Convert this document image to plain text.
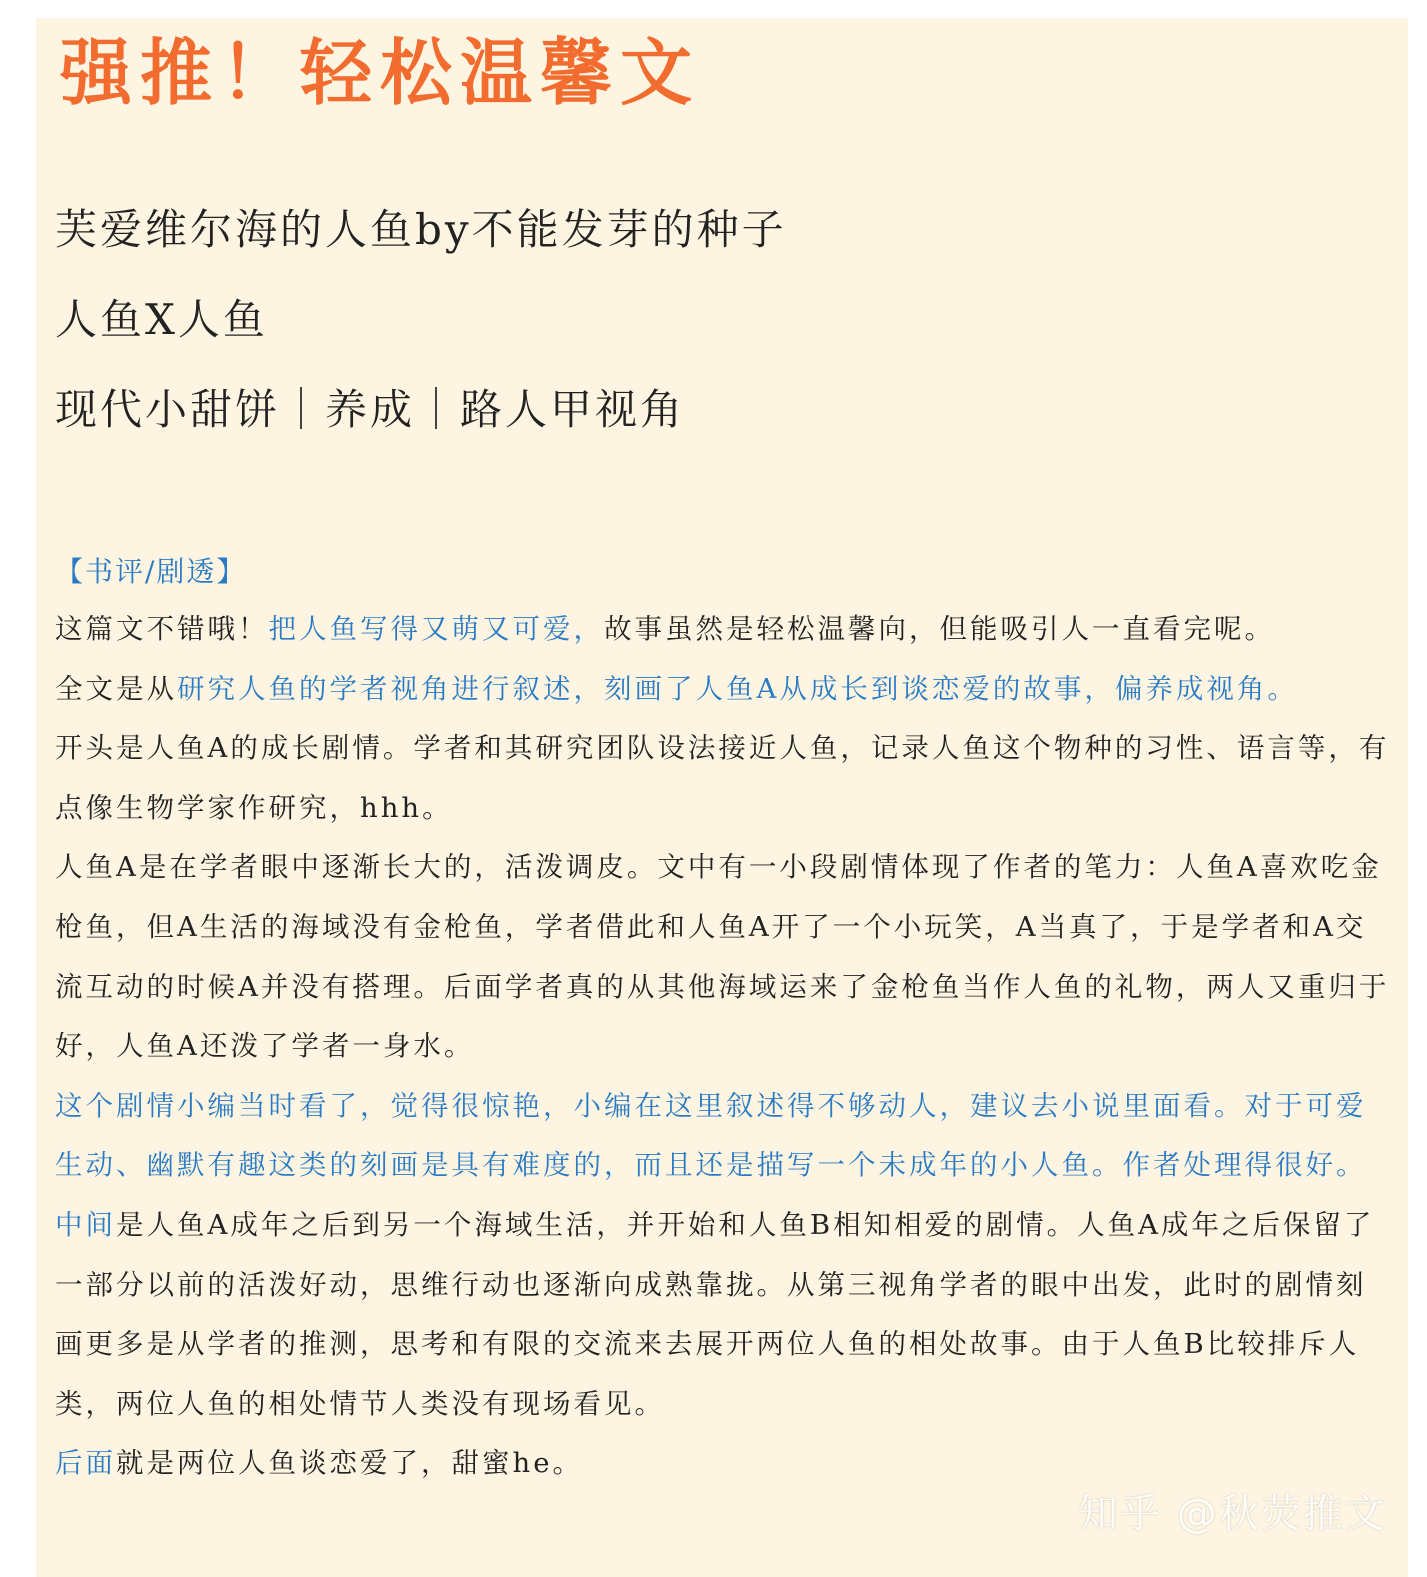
强推！轻松温馨文
芙爱维尔海的人鱼by不能发芽的种子
人鱼X人鱼
现代小甜饼｜养成｜路人甲视角
【书评/剧透】

这篇文不错哦！把人鱼写得又萌又可爱，故事虽然是轻松温馨向，但能吸引人一直看完呢。

全文是从研究人鱼的学者视角进行叙述，刻画了人鱼A从成长到谈恋爱的故事，偏养成视角。

开头是人鱼A的成长剧情。学者和其研究团队设法接近人鱼，记录人鱼这个物种的习性、语言等，有点像生物学家作研究，hhh。

人鱼A是在学者眼中逐渐长大的，活泼调皮。文中有一小段剧情体现了作者的笔力：人鱼A喜欢吃金枪鱼，但A生活的海域没有金枪鱼，学者借此和人鱼A开了一个小玩笑，A当真了，于是学者和A交流互动的时候A并没有搭理。后面学者真的从其他海域运来了金枪鱼当作人鱼的礼物，两人又重归于好，人鱼A还泼了学者一身水。

这个剧情小编当时看了，觉得很惊艳，小编在这里叙述得不够动人，建议去小说里面看。对于可爱生动、幽默有趣这类的刻画是具有难度的，而且还是描写一个未成年的小人鱼。作者处理得很好。

中间是人鱼A成年之后到另一个海域生活，并开始和人鱼B相知相爱的剧情。人鱼A成年之后保留了一部分以前的活泼好动，思维行动也逐渐向成熟靠拢。从第三视角学者的眼中出发，此时的剧情刻画更多是从学者的推测，思考和有限的交流来去展开两位人鱼的相处故事。由于人鱼B比较排斥人类，两位人鱼的相处情节人类没有现场看见。

后面就是两位人鱼谈恋爱了，甜蜜he。

知乎 @秋荧推文
